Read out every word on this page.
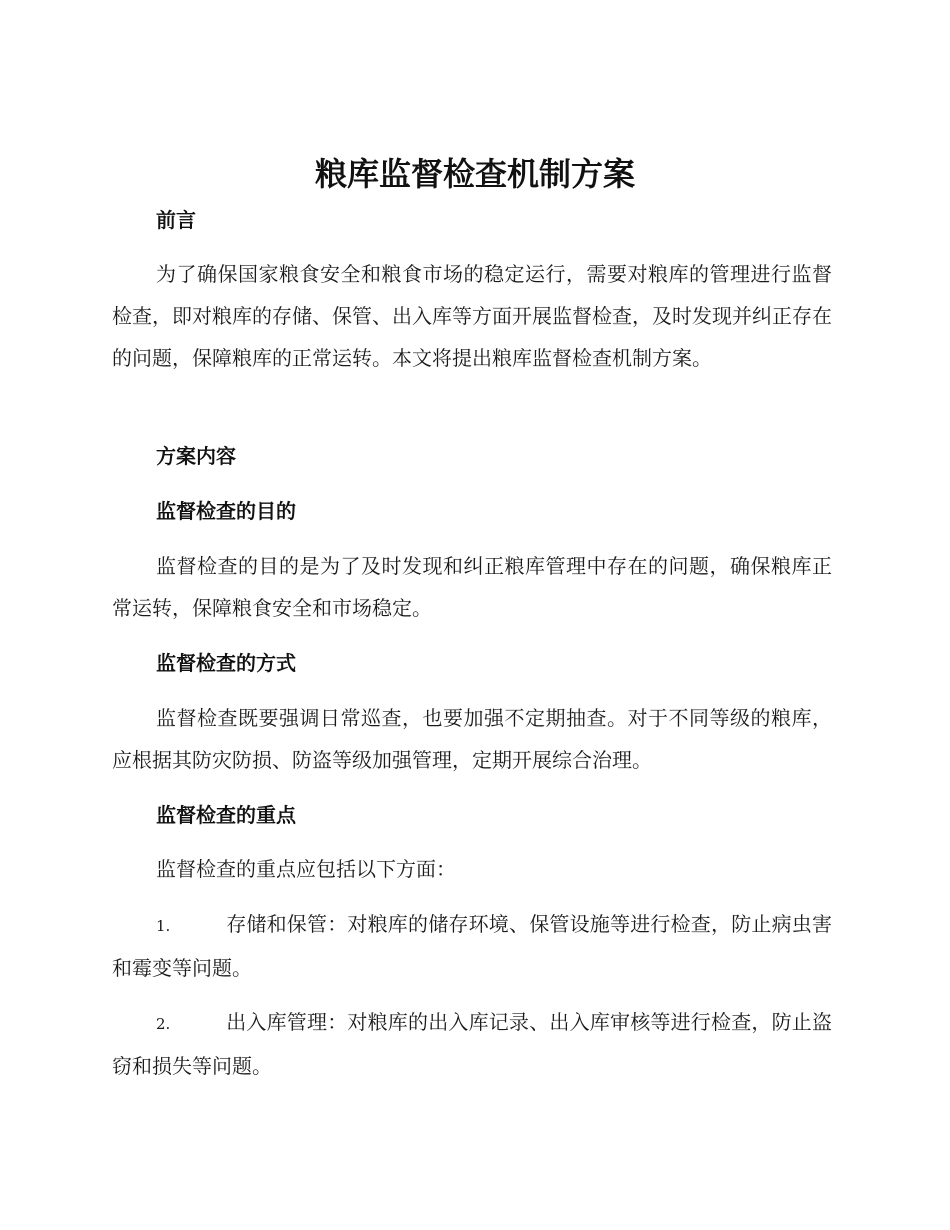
粮库监督检查机制方案
前言
为了确保国家粮食安全和粮食市场的稳定运行，需要对粮库的管理进行监督检查，即对粮库的存储、保管、出入库等方面开展监督检查，及时发现并纠正存在的问题，保障粮库的正常运转。本文将提出粮库监督检查机制方案。
方案内容
监督检查的目的
监督检查的目的是为了及时发现和纠正粮库管理中存在的问题，确保粮库正常运转，保障粮食安全和市场稳定。
监督检查的方式
监督检查既要强调日常巡查，也要加强不定期抽查。对于不同等级的粮库，应根据其防灾防损、防盗等级加强管理，定期开展综合治理。
监督检查的重点
监督检查的重点应包括以下方面：
1.	存储和保管：对粮库的储存环境、保管设施等进行检查，防止病虫害和霉变等问题。
2.	出入库管理：对粮库的出入库记录、出入库审核等进行检查，防止盗窃和损失等问题。
